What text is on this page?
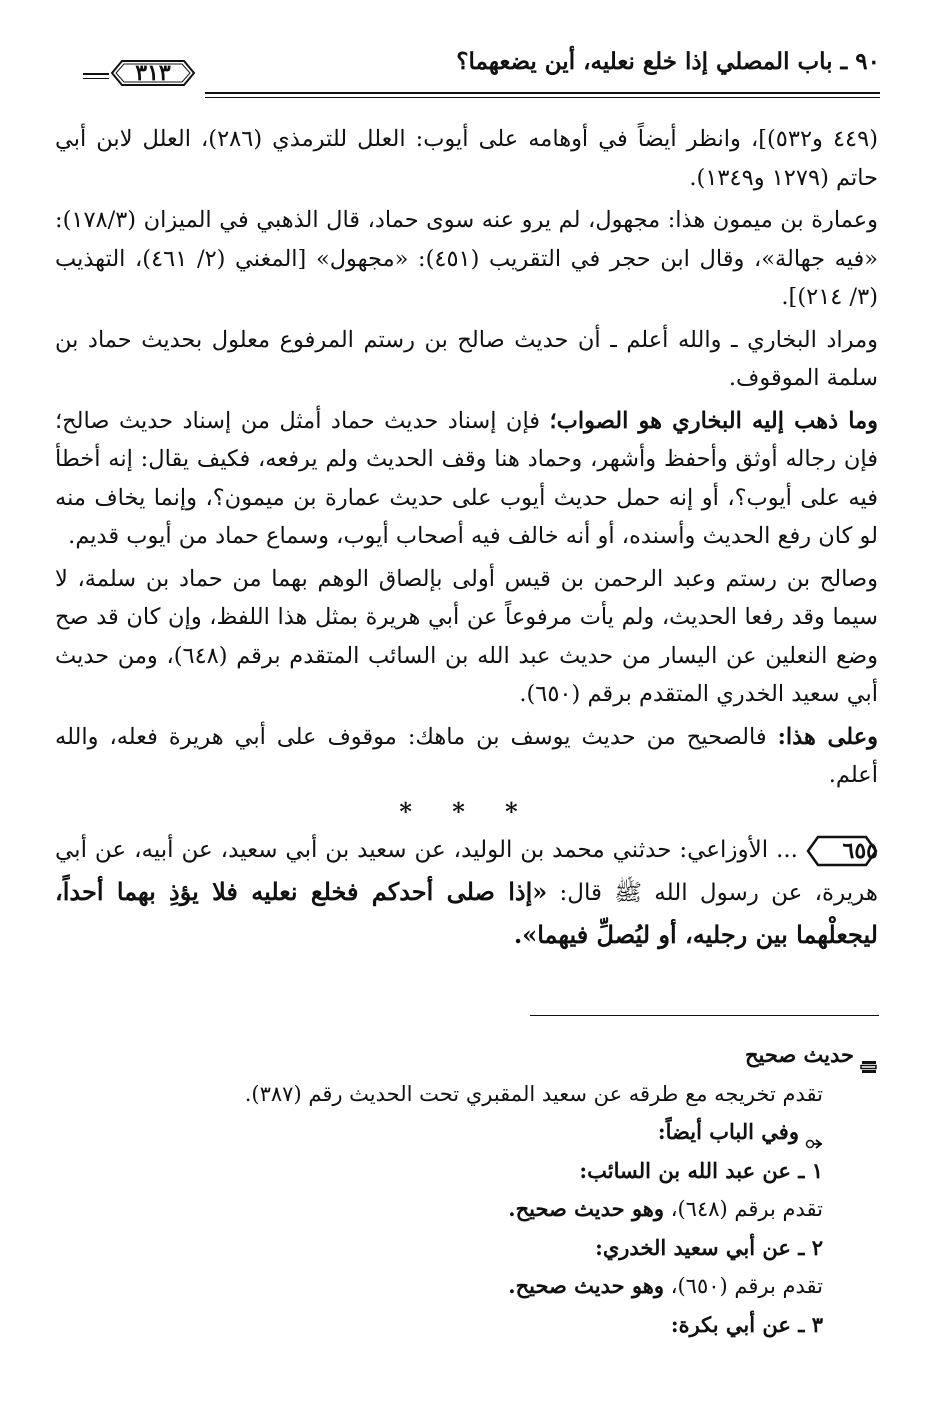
٩٠ ـ باب المصلي إذا خلع نعليه، أين يضعهما؟
٣١٣

(٤٤٩ و٥٣٢)]، وانظر أيضاً في أوهامه على أيوب: العلل للترمذي (٢٨٦)، العلل لابن أبي حاتم (١٢٧٩ و١٣٤٩).

وعمارة بن ميمون هذا: مجهول، لم يرو عنه سوى حماد، قال الذهبي في الميزان (١٧٨/٣): «فيه جهالة»، وقال ابن حجر في التقريب (٤٥١): «مجهول» [المغني (٢/ ٤٦١)، التهذيب (٣/ ٢١٤)].

ومراد البخاري ـ والله أعلم ـ أن حديث صالح بن رستم المرفوع معلول بحديث حماد بن سلمة الموقوف.

وما ذهب إليه البخاري هو الصواب؛ فإن إسناد حديث حماد أمثل من إسناد حديث صالح؛ فإن رجاله أوثق وأحفظ وأشهر، وحماد هنا وقف الحديث ولم يرفعه، فكيف يقال: إنه أخطأ فيه على أيوب؟، أو إنه حمل حديث أيوب على حديث عمارة بن ميمون؟، وإنما يخاف منه لو كان رفع الحديث وأسنده، أو أنه خالف فيه أصحاب أيوب، وسماع حماد من أيوب قديم.

وصالح بن رستم وعبد الرحمن بن قيس أولى بإلصاق الوهم بهما من حماد بن سلمة، لا سيما وقد رفعا الحديث، ولم يأت مرفوعاً عن أبي هريرة بمثل هذا اللفظ، وإن كان قد صح وضع النعلين عن اليسار من حديث عبد الله بن السائب المتقدم برقم (٦٤٨)، ومن حديث أبي سعيد الخدري المتقدم برقم (٦٥٠).

وعلى هذا: فالصحيح من حديث يوسف بن ماهك: موقوف على أبي هريرة فعله، والله أعلم.

* * *
٦٥٥
... الأوزاعي: حدثني محمد بن الوليد، عن سعيد بن أبي سعيد، عن أبيه، عن أبي هريرة، عن رسول الله ﷺ قال: «إذا صلى أحدكم فخلع نعليه فلا يؤذِ بهما أحداً، ليجعلْهما بين رجليه، أو ليُصلِّ فيهما».
حديث صحيح
تقدم تخريجه مع طرقه عن سعيد المقبري تحت الحديث رقم (٣٨٧).
وفي الباب أيضاً:
١ ـ عن عبد الله بن السائب:
تقدم برقم (٦٤٨)، وهو حديث صحيح.
٢ ـ عن أبي سعيد الخدري:
تقدم برقم (٦٥٠)، وهو حديث صحيح.
٣ ـ عن أبي بكرة:
